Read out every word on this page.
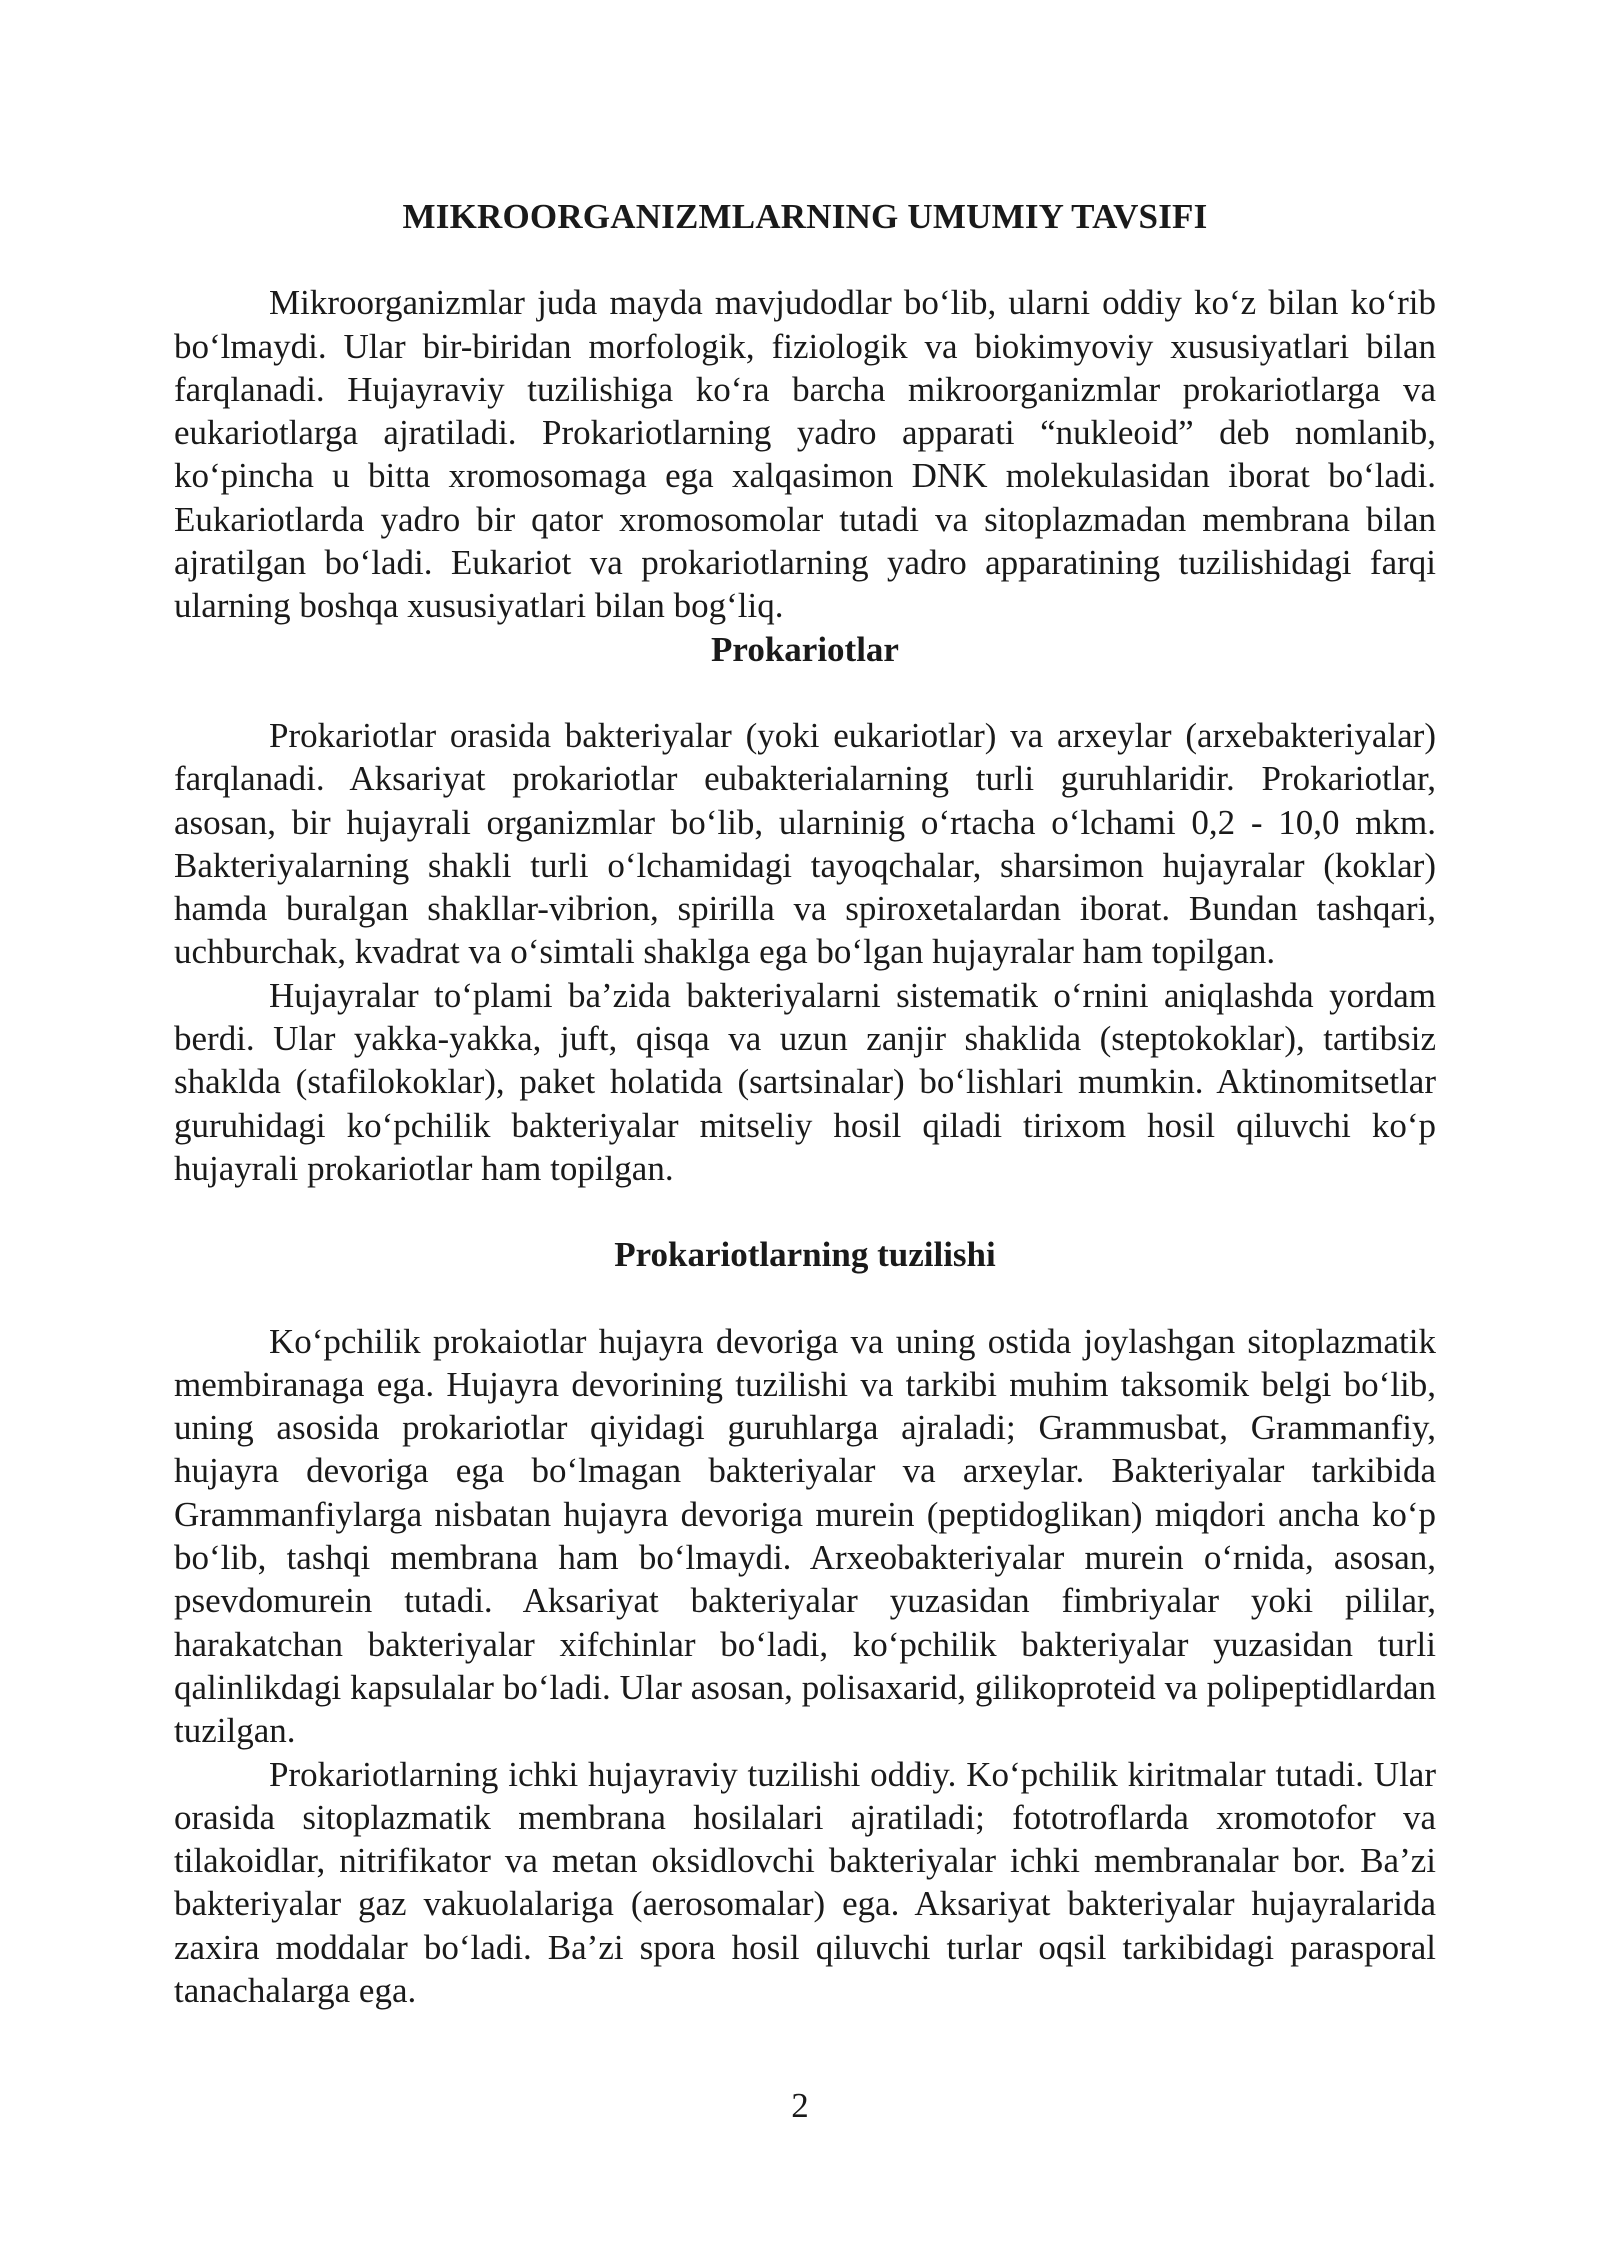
MIKROORGANIZMLARNING UMUMIY TAVSIFI

Mikroorganizmlar juda mayda mavjudodlar bo‘lib, ularni oddiy ko‘z bilan ko‘rib bo‘lmaydi. Ular bir-biridan morfologik, fiziologik va biokimyoviy xususiyatlari bilan farqlanadi. Hujayraviy tuzilishiga ko‘ra barcha mikroorganizmlar prokariotlarga va eukariotlarga ajratiladi. Prokariotlarning yadro apparati “nukleoid” deb nomlanib, ko‘pincha u bitta xromosomaga ega xalqasimon DNK molekulasidan iborat bo‘ladi. Eukariotlarda yadro bir qator xromosomolar tutadi va sitoplazmadan membrana bilan ajratilgan bo‘ladi. Eukariot va prokariotlarning yadro apparatining tuzilishidagi farqi ularning boshqa xususiyatlari bilan bog‘liq.

Prokariotlar

Prokariotlar orasida bakteriyalar (yoki eukariotlar) va arxeylar (arxebakteriyalar) farqlanadi. Aksariyat prokariotlar eubakterialarning turli guruhlaridir. Prokariotlar, asosan, bir hujayrali organizmlar bo‘lib, ularninig o‘rtacha o‘lchami 0,2 - 10,0 mkm. Bakteriyalarning shakli turli o‘lchamidagi tayoqchalar, sharsimon hujayralar (koklar) hamda buralgan shakllar-vibrion, spirilla va spiroxetalardan iborat. Bundan tashqari, uchburchak, kvadrat va o‘simtali shaklga ega bo‘lgan hujayralar ham topilgan.

Hujayralar to‘plami ba’zida bakteriyalarni sistematik o‘rnini aniqlashda yordam berdi. Ular yakka-yakka, juft, qisqa va uzun zanjir shaklida (steptokoklar), tartibsiz shaklda (stafilokoklar), paket holatida (sartsinalar) bo‘lishlari mumkin. Aktinomitsetlar guruhidagi ko‘pchilik bakteriyalar mitseliy hosil qiladi tirixom hosil qiluvchi ko‘p hujayrali prokariotlar ham topilgan.

Prokariotlarning tuzilishi

Ko‘pchilik prokaiotlar hujayra devoriga va uning ostida joylashgan sitoplazmatik membiranaga ega. Hujayra devorining tuzilishi va tarkibi muhim taksomik belgi bo‘lib, uning asosida prokariotlar qiyidagi guruhlarga ajraladi; Grammusbat, Grammanfiy, hujayra devoriga ega bo‘lmagan bakteriyalar va arxeylar. Bakteriyalar tarkibida Grammanfiylarga nisbatan hujayra devoriga murein (peptidoglikan) miqdori ancha ko‘p bo‘lib, tashqi membrana ham bo‘lmaydi. Arxeobakteriyalar murein o‘rnida, asosan, psevdomurein tutadi. Aksariyat bakteriyalar yuzasidan fimbriyalar yoki pililar, harakatchan bakteriyalar xifchinlar bo‘ladi, ko‘pchilik bakteriyalar yuzasidan turli qalinlikdagi kapsulalar bo‘ladi. Ular asosan, polisaxarid, gilikoproteid va polipeptidlardan tuzilgan.

Prokariotlarning ichki hujayraviy tuzilishi oddiy. Ko‘pchilik kiritmalar tutadi. Ular orasida sitoplazmatik membrana hosilalari ajratiladi; fototroflarda xromotofor va tilakoidlar, nitrifikator va metan oksidlovchi bakteriyalar ichki membranalar bor. Ba’zi bakteriyalar gaz vakuolalariga (aerosomalar) ega. Aksariyat bakteriyalar hujayralarida zaxira moddalar bo‘ladi. Ba’zi spora hosil qiluvchi turlar oqsil tarkibidagi parasporal tanachalarga ega.

2
